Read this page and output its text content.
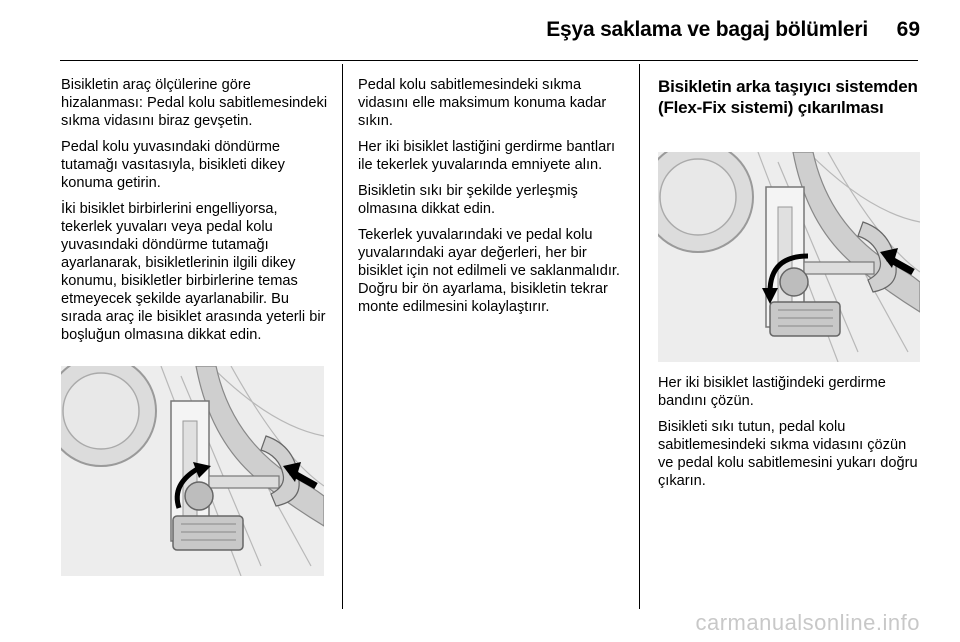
Eşya saklama ve bagaj bölümleri 69

Bisikletin araç ölçülerine göre hizalanması: Pedal kolu sabitlemesindeki sıkma vidasını biraz gevşetin.

Pedal kolu yuvasındaki döndürme tutamağı vasıtasıyla, bisikleti dikey konuma getirin.

İki bisiklet birbirlerini engelliyorsa, tekerlek yuvaları veya pedal kolu yuvasındaki döndürme tutamağı ayarlanarak, bisikletlerinin ilgili dikey konumu, bisikletler birbirlerine temas etmeyecek şekilde ayarlanabilir. Bu sırada araç ile bisiklet arasında yeterli bir boşluğun olmasına dikkat edin.

Pedal kolu sabitlemesindeki sıkma vidasını elle maksimum konuma kadar sıkın.

Her iki bisiklet lastiğini gerdirme bantları ile tekerlek yuvalarında emniyete alın.

Bisikletin sıkı bir şekilde yerleşmiş olmasına dikkat edin.

Tekerlek yuvalarındaki ve pedal kolu yuvalarındaki ayar değerleri, her bir bisiklet için not edilmeli ve saklanmalıdır. Doğru bir ön ayarlama, bisikletin tekrar monte edilmesini kolaylaştırır.

Bisikletin arka taşıyıcı sistemden (Flex-Fix sistemi) çıkarılması

Her iki bisiklet lastiğindeki gerdirme bandını çözün.

Bisikleti sıkı tutun, pedal kolu sabitlemesindeki sıkma vidasını çözün ve pedal kolu sabitlemesini yukarı doğru çıkarın.

carmanualsonline.info
